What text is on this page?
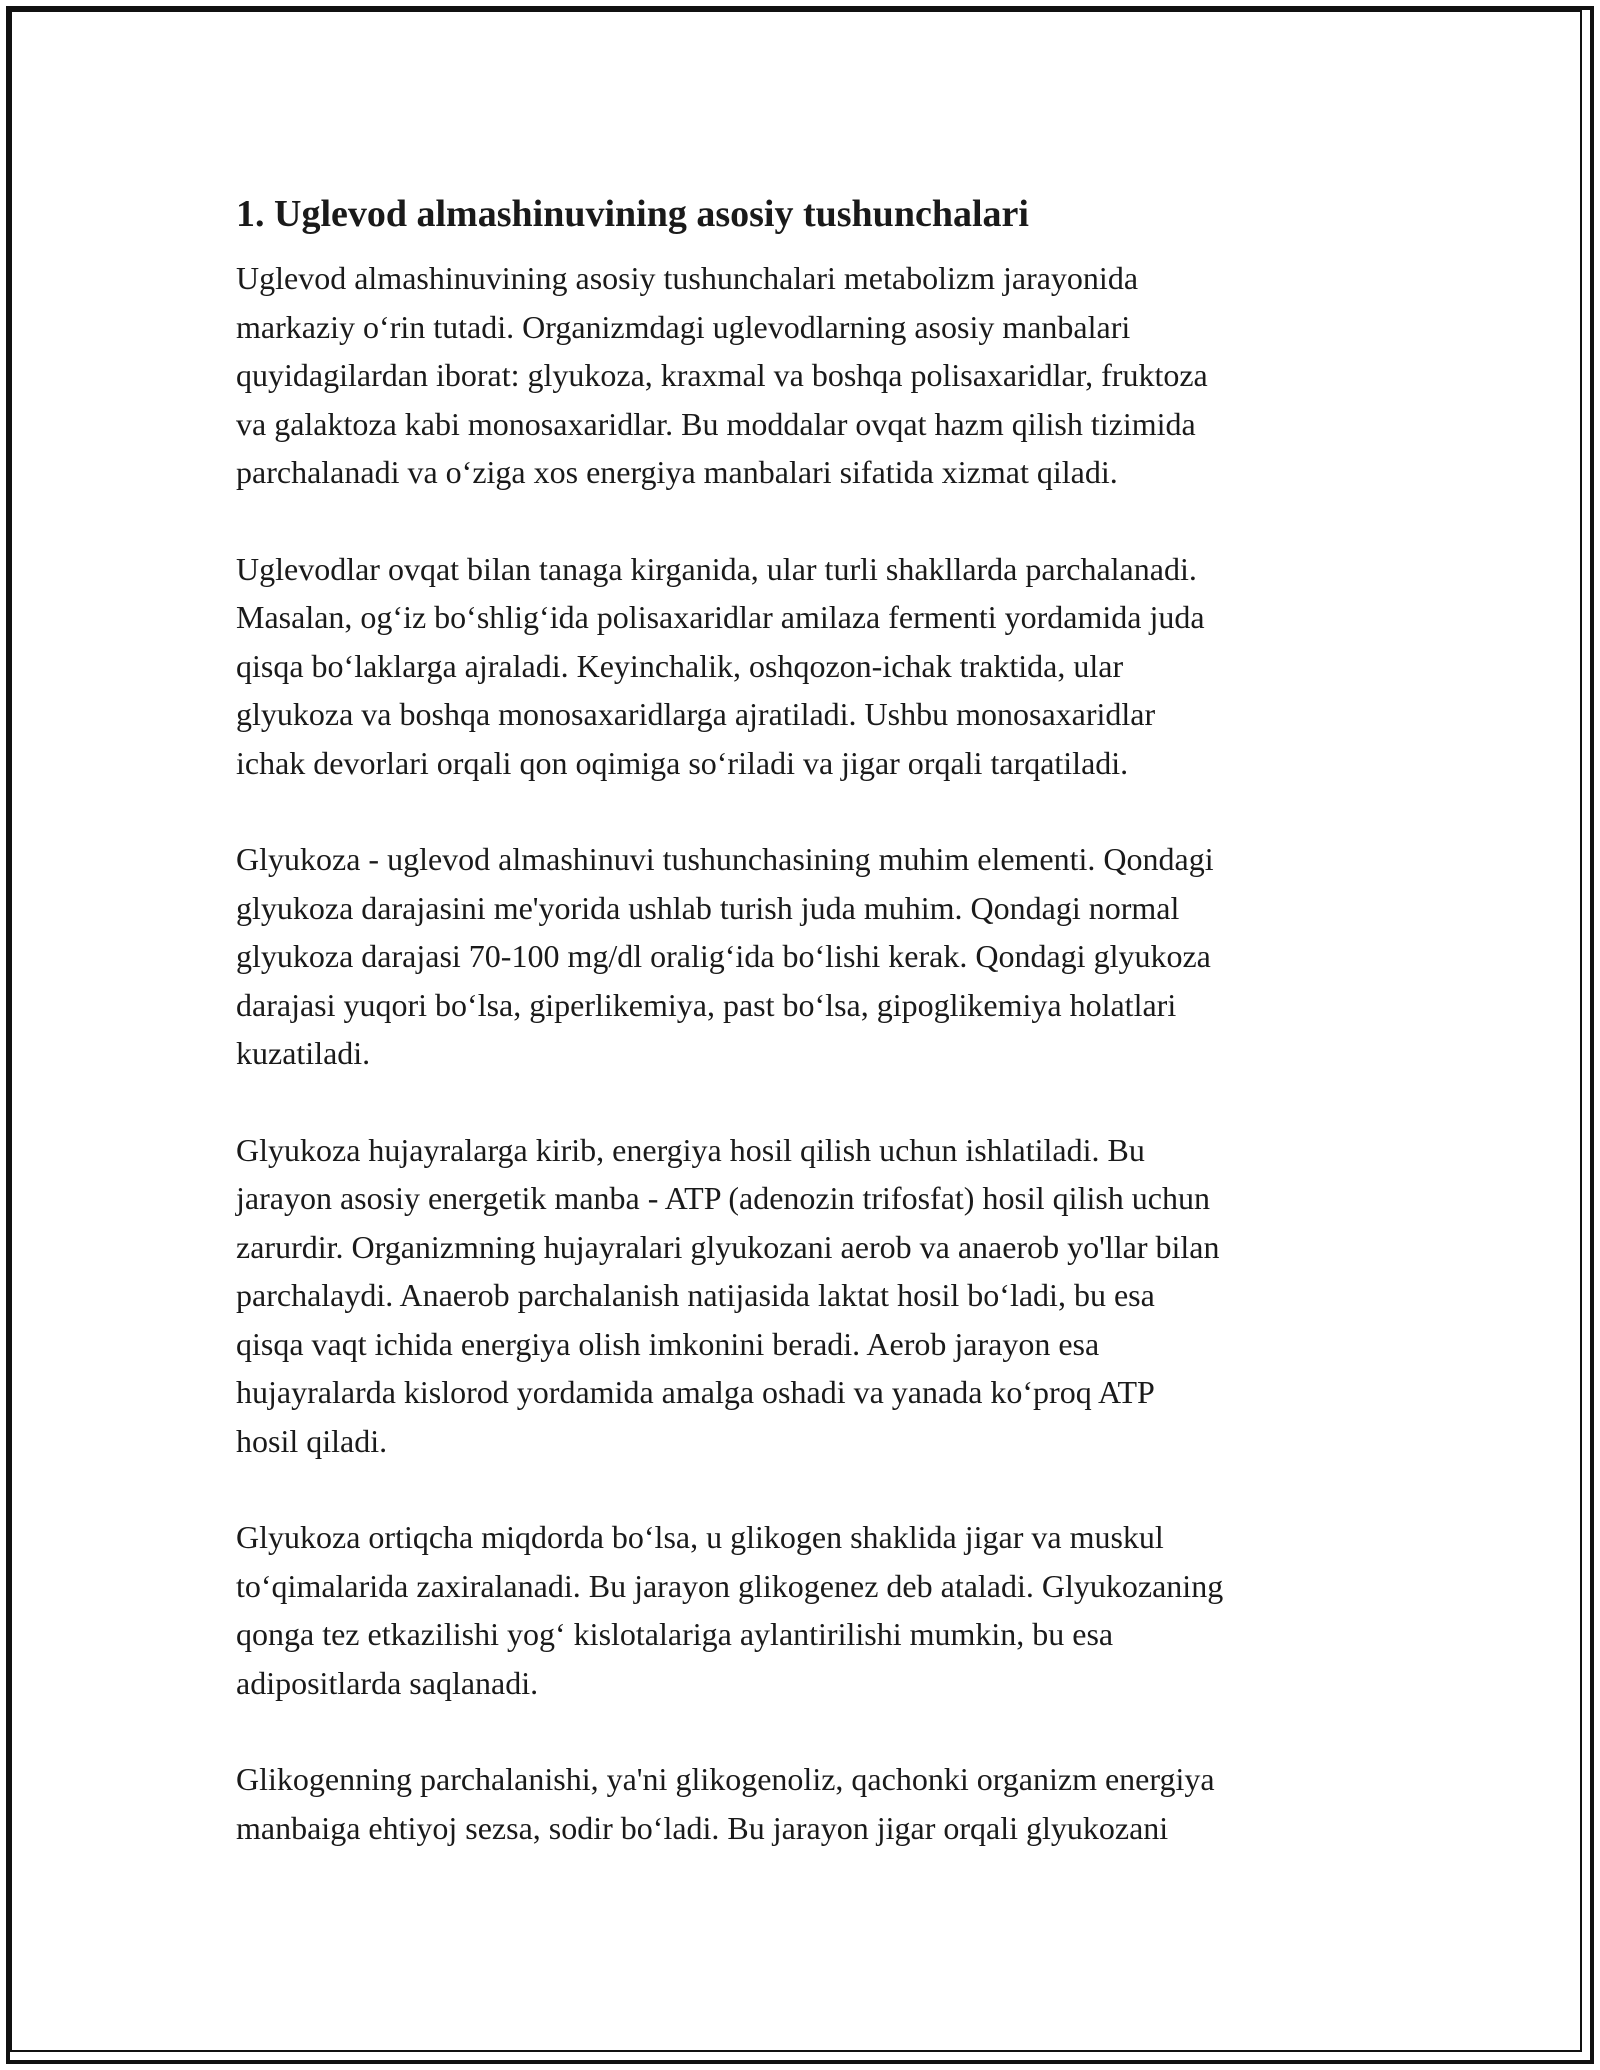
1. Uglevod almashinuvining asosiy tushunchalari

Uglevod almashinuvining asosiy tushunchalari metabolizm jarayonida
markaziy o‘rin tutadi. Organizmdagi uglevodlarning asosiy manbalari
quyidagilardan iborat: glyukoza, kraxmal va boshqa polisaxaridlar, fruktoza
va galaktoza kabi monosaxaridlar. Bu moddalar ovqat hazm qilish tizimida
parchalanadi va o‘ziga xos energiya manbalari sifatida xizmat qiladi.

Uglevodlar ovqat bilan tanaga kirganida, ular turli shakllarda parchalanadi.
Masalan, og‘iz bo‘shlig‘ida polisaxaridlar amilaza fermenti yordamida juda
qisqa bo‘laklarga ajraladi. Keyinchalik, oshqozon-ichak traktida, ular
glyukoza va boshqa monosaxaridlarga ajratiladi. Ushbu monosaxaridlar
ichak devorlari orqali qon oqimiga so‘riladi va jigar orqali tarqatiladi.

Glyukoza - uglevod almashinuvi tushunchasining muhim elementi. Qondagi
glyukoza darajasini me'yorida ushlab turish juda muhim. Qondagi normal
glyukoza darajasi 70-100 mg/dl oralig‘ida bo‘lishi kerak. Qondagi glyukoza
darajasi yuqori bo‘lsa, giperlikemiya, past bo‘lsa, gipoglikemiya holatlari
kuzatiladi.

Glyukoza hujayralarga kirib, energiya hosil qilish uchun ishlatiladi. Bu
jarayon asosiy energetik manba - ATP (adenozin trifosfat) hosil qilish uchun
zarurdir. Organizmning hujayralari glyukozani aerob va anaerob yo'llar bilan
parchalaydi. Anaerob parchalanish natijasida laktat hosil bo‘ladi, bu esa
qisqa vaqt ichida energiya olish imkonini beradi. Aerob jarayon esa
hujayralarda kislorod yordamida amalga oshadi va yanada ko‘proq ATP
hosil qiladi.

Glyukoza ortiqcha miqdorda bo‘lsa, u glikogen shaklida jigar va muskul
to‘qimalarida zaxiralanadi. Bu jarayon glikogenez deb ataladi. Glyukozaning
qonga tez etkazilishi yog‘ kislotalariga aylantirilishi mumkin, bu esa
adipositlarda saqlanadi.

Glikogenning parchalanishi, ya'ni glikogenoliz, qachonki organizm energiya
manbaiga ehtiyoj sezsa, sodir bo‘ladi. Bu jarayon jigar orqali glyukozani
